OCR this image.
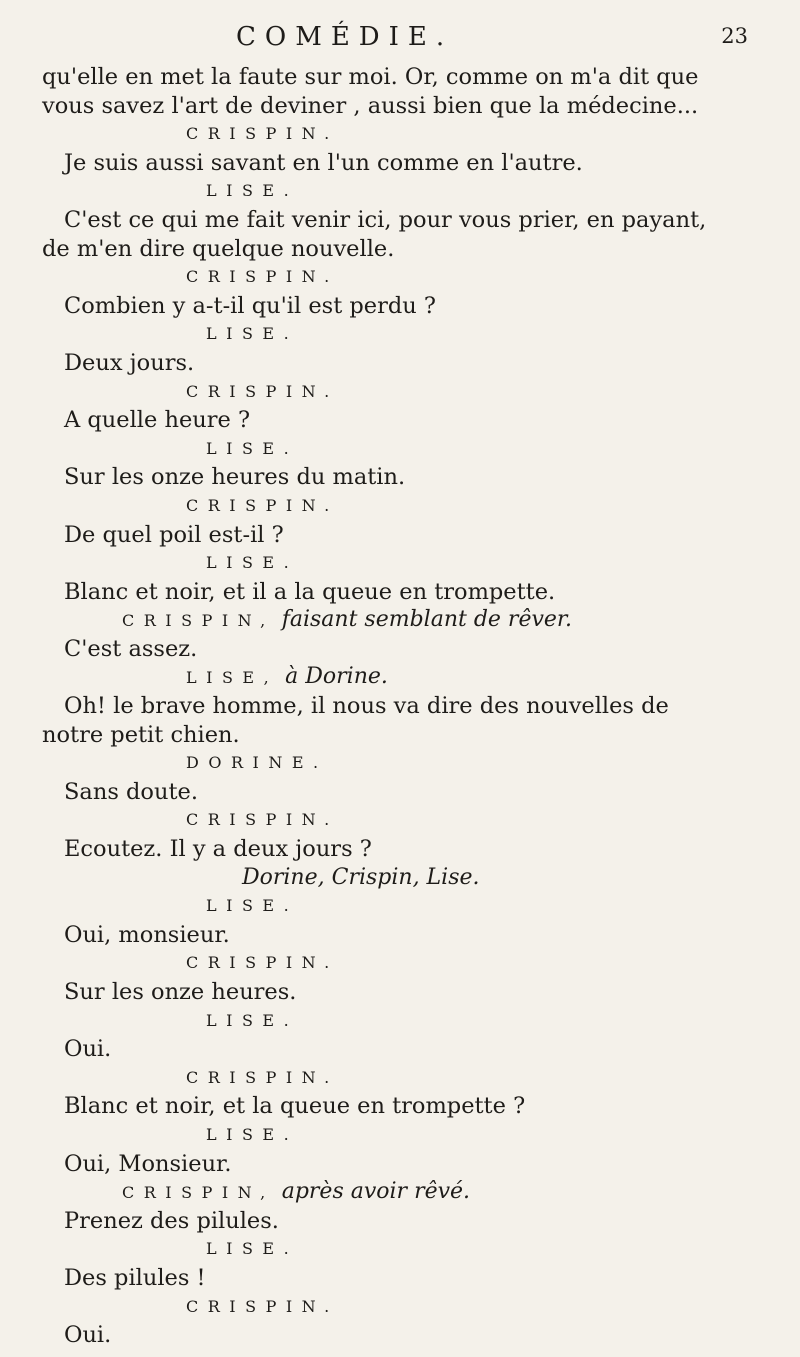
COMÉDIE.	23
qu'elle en met la faute sur moi. Or, comme on m'a dit que
vous savez l'art de deviner , aussi bien que la médecine...
CRISPIN.
Je suis aussi savant en l'un comme en l'autre.
LISE.
C'est ce qui me fait venir ici, pour vous prier, en payant,
de m'en dire quelque nouvelle.
CRISPIN.
Combien y a-t-il qu'il est perdu ?
LISE.
Deux jours.
CRISPIN.
A quelle heure ?
LISE.
Sur les onze heures du matin.
CRISPIN.
De quel poil est-il ?
LISE.
Blanc et noir, et il a la queue en trompette.
CRISPIN, faisant semblant de rêver.
C'est assez.
LISE, à Dorine.
Oh! le brave homme, il nous va dire des nouvelles de
notre petit chien.
DORINE.
Sans doute.
CRISPIN.
Ecoutez. Il y a deux jours ?
Dorine, Crispin, Lise.
LISE.
Oui, monsieur.
CRISPIN.
Sur les onze heures.
LISE.
Oui.
CRISPIN.
Blanc et noir, et la queue en trompette ?
LISE.
Oui, Monsieur.
CRISPIN, après avoir rêvé.
Prenez des pilules.
LISE.
Des pilules !
CRISPIN.
Oui.
